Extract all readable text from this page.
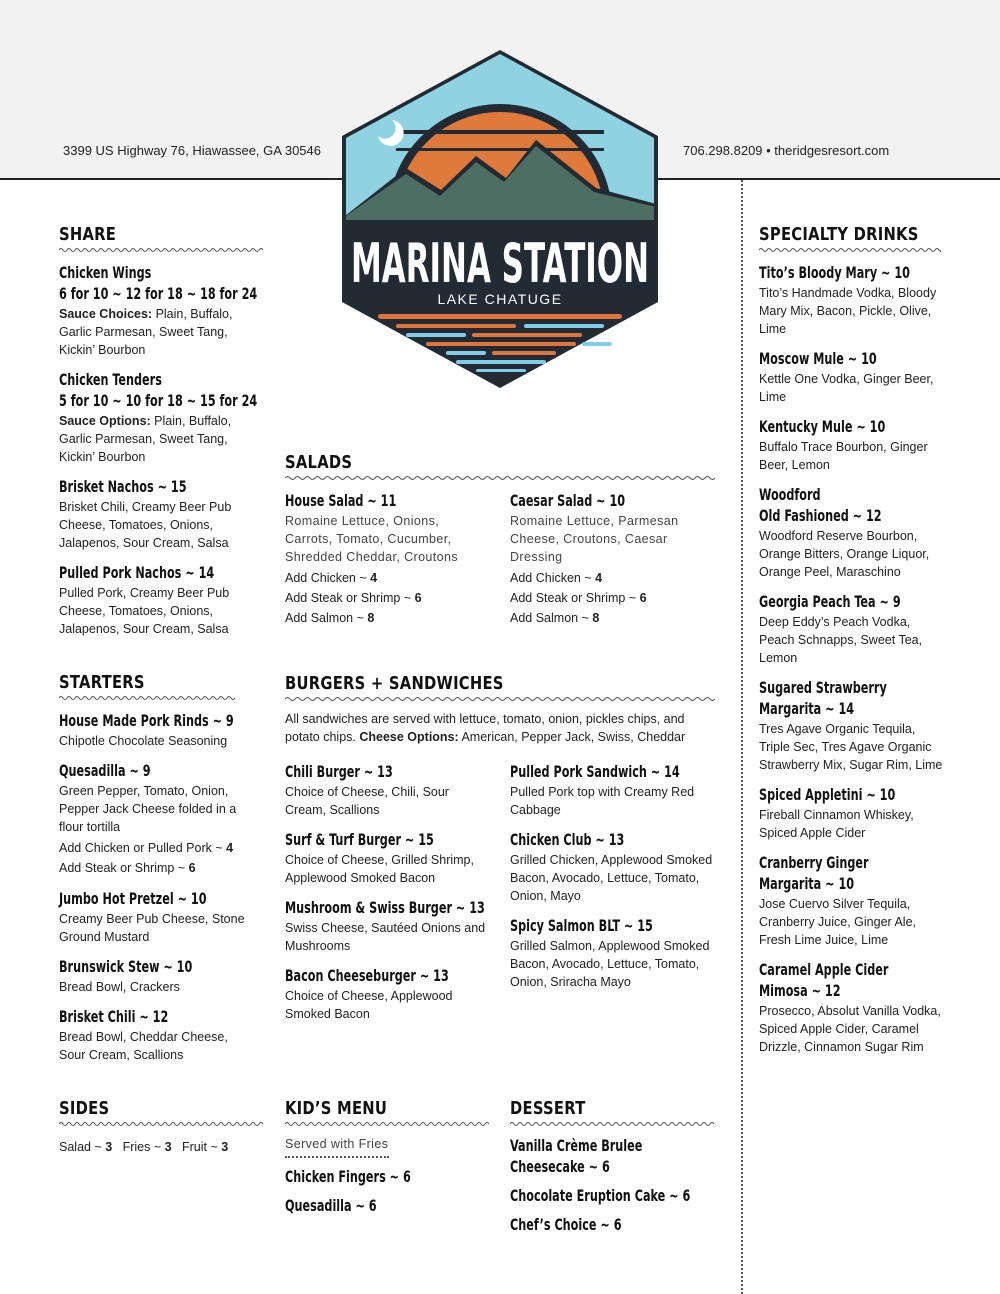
3399 US Highway 76, Hiawassee, GA 30546	706.298.8209 • theridgesresort.com
MARINA STATION
LAKE CHATUGE
SHARE
Chicken Wings
6 for 10 ~ 12 for 18 ~ 18 for 24

Sauce Choices: Plain, Buffalo, Garlic Parmesan, Sweet Tang, Kickin’ Bourbon

Chicken Tenders
5 for 10 ~ 10 for 18 ~ 15 for 24

Sauce Options: Plain, Buffalo, Garlic Parmesan, Sweet Tang, Kickin’ Bourbon

Brisket Nachos ~ 15

Brisket Chili, Creamy Beer Pub Cheese, Tomatoes, Onions, Jalapenos, Sour Cream, Salsa

Pulled Pork Nachos ~ 14

Pulled Pork, Creamy Beer Pub Cheese, Tomatoes, Onions, Jalapenos, Sour Cream, Salsa

STARTERS
House Made Pork Rinds ~ 9

Chipotle Chocolate Seasoning

Quesadilla ~ 9

Green Pepper, Tomato, Onion, Pepper Jack Cheese folded in a flour tortilla

Add Chicken or Pulled Pork ~ 4
Add Steak or Shrimp ~ 6
Jumbo Hot Pretzel ~ 10

Creamy Beer Pub Cheese, Stone Ground Mustard

Brunswick Stew ~ 10

Bread Bowl, Crackers

Brisket Chili ~ 12

Bread Bowl, Cheddar Cheese, Sour Cream, Scallions

SIDES
Salad ~ 3 Fries ~ 3 Fruit ~ 3
SALADS
House Salad ~ 11

Romaine Lettuce, Onions, Carrots, Tomato, Cucumber, Shredded Cheddar, Croutons

Add Chicken ~ 4
Add Steak or Shrimp ~ 6
Add Salmon ~ 8
Caesar Salad ~ 10

Romaine Lettuce, Parmesan Cheese, Croutons, Caesar Dressing

Add Chicken ~ 4
Add Steak or Shrimp ~ 6
Add Salmon ~ 8
BURGERS + SANDWICHES

All sandwiches are served with lettuce, tomato, onion, pickles chips, and potato chips. Cheese Options: American, Pepper Jack, Swiss, Cheddar

Chili Burger ~ 13

Choice of Cheese, Chili, Sour Cream, Scallions

Surf & Turf Burger ~ 15

Choice of Cheese, Grilled Shrimp, Applewood Smoked Bacon

Mushroom & Swiss Burger ~ 13

Swiss Cheese, Sautéed Onions and Mushrooms

Bacon Cheeseburger ~ 13

Choice of Cheese, Applewood Smoked Bacon

Pulled Pork Sandwich ~ 14

Pulled Pork top with Creamy Red Cabbage

Chicken Club ~ 13

Grilled Chicken, Applewood Smoked Bacon, Avocado, Lettuce, Tomato, Onion, Mayo

Spicy Salmon BLT ~ 15

Grilled Salmon, Applewood Smoked Bacon, Avocado, Lettuce, Tomato, Onion, Sriracha Mayo

KID’S MENU

Served with Fries

Chicken Fingers ~ 6
Quesadilla ~ 6
DESSERT
Vanilla Crème Brulee
Cheesecake ~ 6
Chocolate Eruption Cake ~ 6
Chef’s Choice ~ 6
SPECIALTY DRINKS
Tito’s Bloody Mary ~ 10

Tito’s Handmade Vodka, Bloody Mary Mix, Bacon, Pickle, Olive, Lime

Moscow Mule ~ 10

Kettle One Vodka, Ginger Beer, Lime

Kentucky Mule ~ 10

Buffalo Trace Bourbon, Ginger Beer, Lemon

Woodford
Old Fashioned ~ 12

Woodford Reserve Bourbon, Orange Bitters, Orange Liquor, Orange Peel, Maraschino

Georgia Peach Tea ~ 9

Deep Eddy’s Peach Vodka, Peach Schnapps, Sweet Tea, Lemon

Sugared Strawberry
Margarita ~ 14

Tres Agave Organic Tequila, Triple Sec, Tres Agave Organic Strawberry Mix, Sugar Rim, Lime

Spiced Appletini ~ 10

Fireball Cinnamon Whiskey, Spiced Apple Cider

Cranberry Ginger
Margarita ~ 10

Jose Cuervo Silver Tequila, Cranberry Juice, Ginger Ale, Fresh Lime Juice, Lime

Caramel Apple Cider
Mimosa ~ 12

Prosecco, Absolut Vanilla Vodka, Spiced Apple Cider, Caramel Drizzle, Cinnamon Sugar Rim
